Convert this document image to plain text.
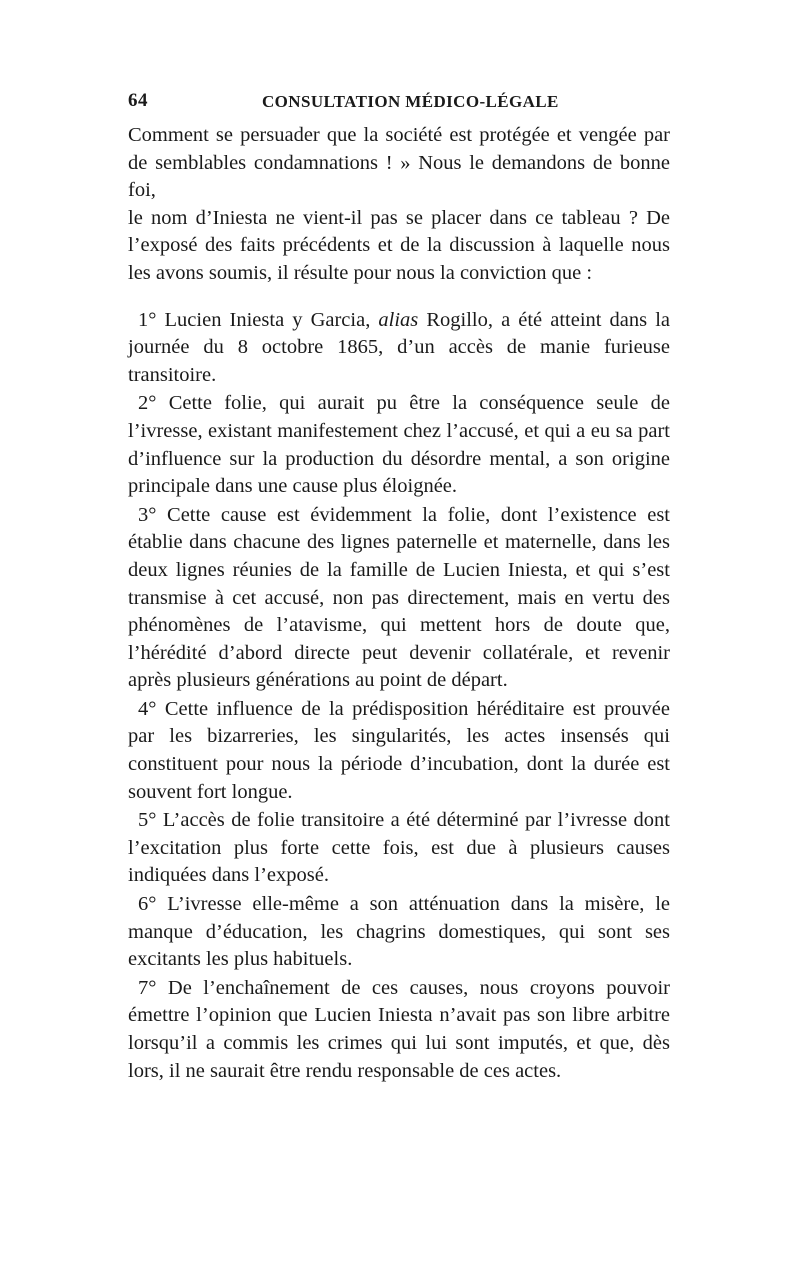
64	CONSULTATION MÉDICO-LÉGALE

Comment se persuader que la société est protégée et vengée par
de semblables condamnations ! » Nous le demandons de bonne foi,
le nom d’Iniesta ne vient-il pas se placer dans ce tableau ? De
l’exposé des faits précédents et de la discussion à laquelle nous
les avons soumis, il résulte pour nous la conviction que :

1° Lucien Iniesta y Garcia, alias Rogillo, a été atteint dans la journée du 8 octobre 1865, d’un accès de manie furieuse transitoire.

2° Cette folie, qui aurait pu être la conséquence seule de l’ivresse, existant manifestement chez l’accusé, et qui a eu sa part d’influence sur la production du désordre mental, a son origine principale dans une cause plus éloignée.

3° Cette cause est évidemment la folie, dont l’existence est établie dans chacune des lignes paternelle et maternelle, dans les deux lignes réunies de la famille de Lucien Iniesta, et qui s’est transmise à cet accusé, non pas directement, mais en vertu des phénomènes de l’atavisme, qui mettent hors de doute que, l’hérédité d’abord directe peut devenir collatérale, et revenir après plusieurs générations au point de départ.

4° Cette influence de la prédisposition héréditaire est prouvée par les bizarreries, les singularités, les actes insensés qui constituent pour nous la période d’incubation, dont la durée est souvent fort longue.

5° L’accès de folie transitoire a été déterminé par l’ivresse dont l’excitation plus forte cette fois, est due à plusieurs causes indiquées dans l’exposé.

6° L’ivresse elle-même a son atténuation dans la misère, le manque d’éducation, les chagrins domestiques, qui sont ses excitants les plus habituels.

7° De l’enchaînement de ces causes, nous croyons pouvoir émettre l’opinion que Lucien Iniesta n’avait pas son libre arbitre lorsqu’il a commis les crimes qui lui sont imputés, et que, dès lors, il ne saurait être rendu responsable de ces actes.
